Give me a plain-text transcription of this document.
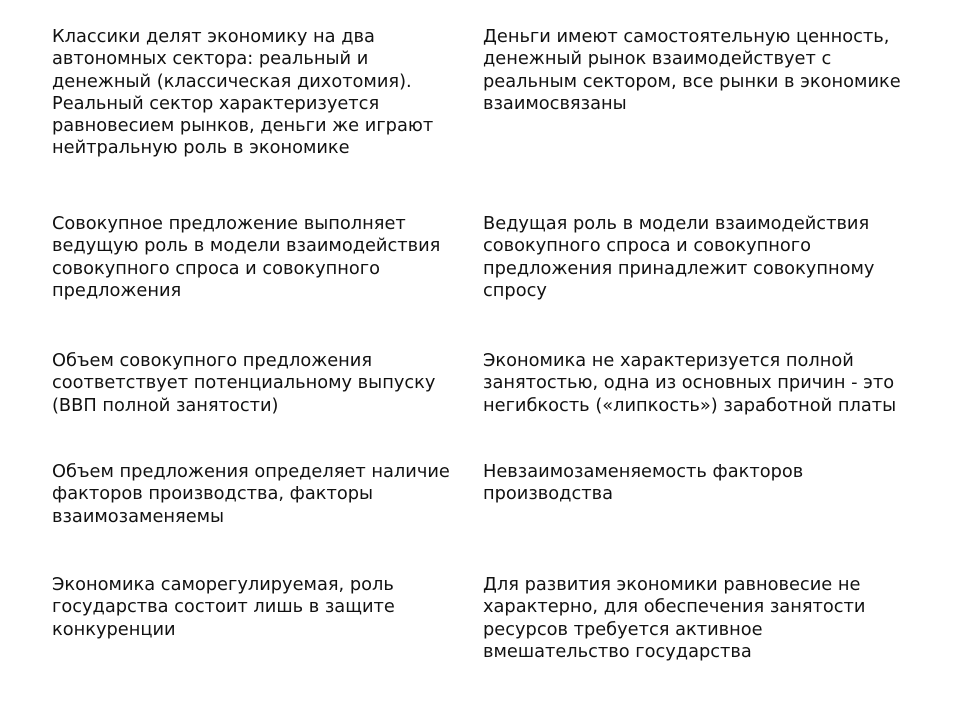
Классики делят экономику на два автономных сектора: реальный и денежный (классическая дихотомия). Реальный сектор характеризуется равновесием рынков, деньги же играют нейтральную роль в экономике
Деньги имеют самостоятельную ценность, денежный рынок взаимодействует с реальным сектором, все рынки в экономике взаимосвязаны
Совокупное предложение выполняет ведущую роль в модели взаимодействия совокупного спроса и совокупного предложения
Ведущая роль в модели взаимодействия совокупного спроса и совокупного предложения принадлежит совокупному спросу
Объем совокупного предложения соответствует потенциальному выпуску (ВВП полной занятости)
Экономика не характеризуется полной занятостью, одна из основных причин - это негибкость («липкость») заработной платы
Объем предложения определяет наличие факторов производства, факторы взаимозаменяемы
Невзаимозаменяемость факторов производства
Экономика саморегулируемая, роль государства состоит лишь в защите конкуренции
Для развития экономики равновесие не характерно, для обеспечения занятости ресурсов требуется активное вмешательство государства
